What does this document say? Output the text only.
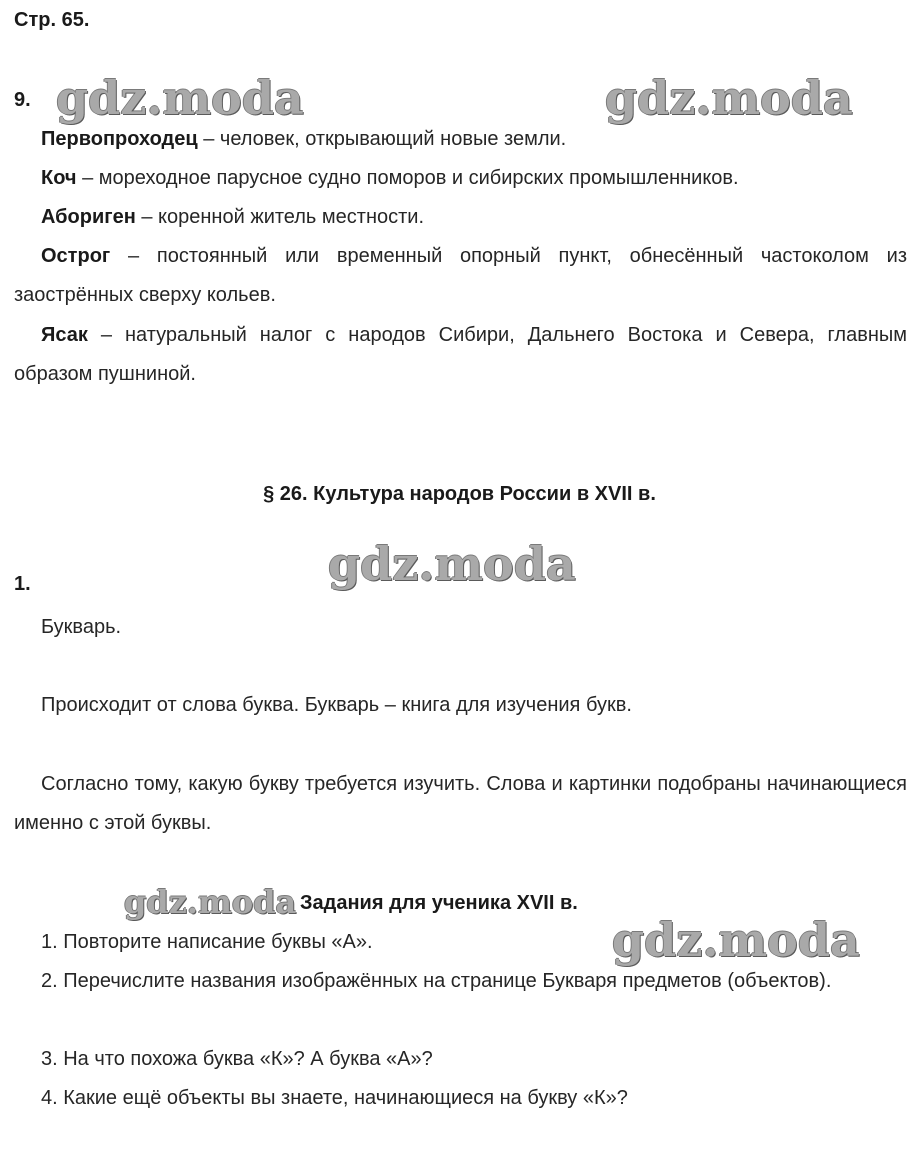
Стр. 65.
gdz.moda	gdz.moda
gdz.moda
gdz.moda
gdz.moda
9.
Первопроходец – человек, открывающий новые земли.
Коч – мореходное парусное судно поморов и сибирских промышленников.
Абориген – коренной житель местности.
Острог – постоянный или временный опорный пункт, обнесённый частоколом из заострённых сверху кольев.
Ясак – натуральный налог с народов Сибири, Дальнего Востока и Севера, главным образом пушниной.
§ 26. Культура народов России в XVII в.
1.
Букварь.
Происходит от слова буква. Букварь – книга для изучения букв.
Согласно тому, какую букву требуется изучить. Слова и картинки подобраны начинающиеся именно с этой буквы.
Задания для ученика XVII в.
1. Повторите написание буквы «А».
2. Перечислите названия изображённых на странице Букваря предметов (объектов).
3. На что похожа буква «К»? А буква «А»?
4. Какие ещё объекты вы знаете, начинающиеся на букву «К»?
